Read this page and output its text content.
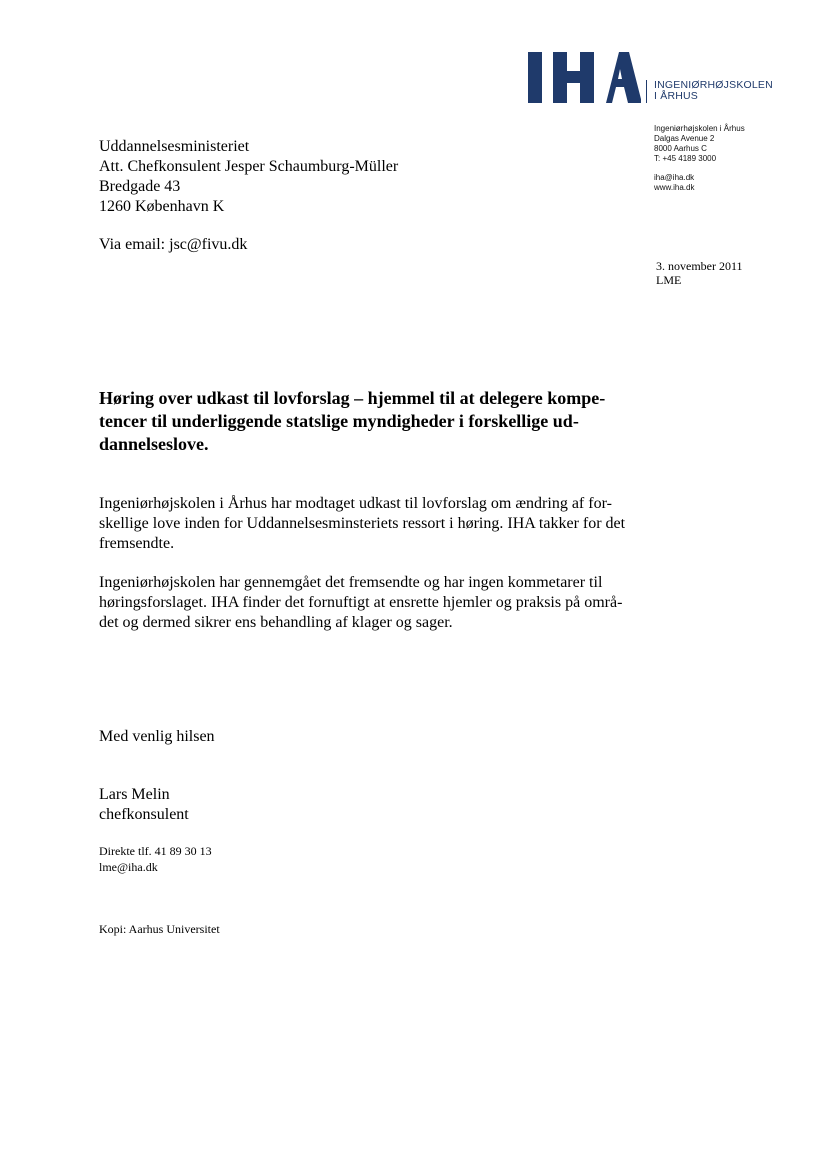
INGENIØRHØJSKOLEN
I ÅRHUS
Ingeniørhøjskolen i Århus
Dalgas Avenue 2
8000 Aarhus C
T: +45 4189 3000
iha@iha.dk
www.iha.dk
Uddannelsesministeriet
Att. Chefkonsulent Jesper Schaumburg-Müller
Bredgade 43
1260 København K
Via email: jsc@fivu.dk
3. november 2011
LME
Høring over udkast til lovforslag – hjemmel til at delegere kompe-
tencer til underliggende statslige myndigheder i forskellige ud-
dannelseslove.
Ingeniørhøjskolen i Århus har modtaget udkast til lovforslag om ændring af for-
skellige love inden for Uddannelsesminsteriets ressort i høring. IHA takker for det
fremsendte.
Ingeniørhøjskolen har gennemgået det fremsendte og har ingen kommetarer til
høringsforslaget. IHA finder det fornuftigt at ensrette hjemler og praksis på områ-
det og dermed sikrer ens behandling af klager og sager.
Med venlig hilsen
Lars Melin
chefkonsulent
Direkte tlf. 41 89 30 13
lme@iha.dk
Kopi: Aarhus Universitet
